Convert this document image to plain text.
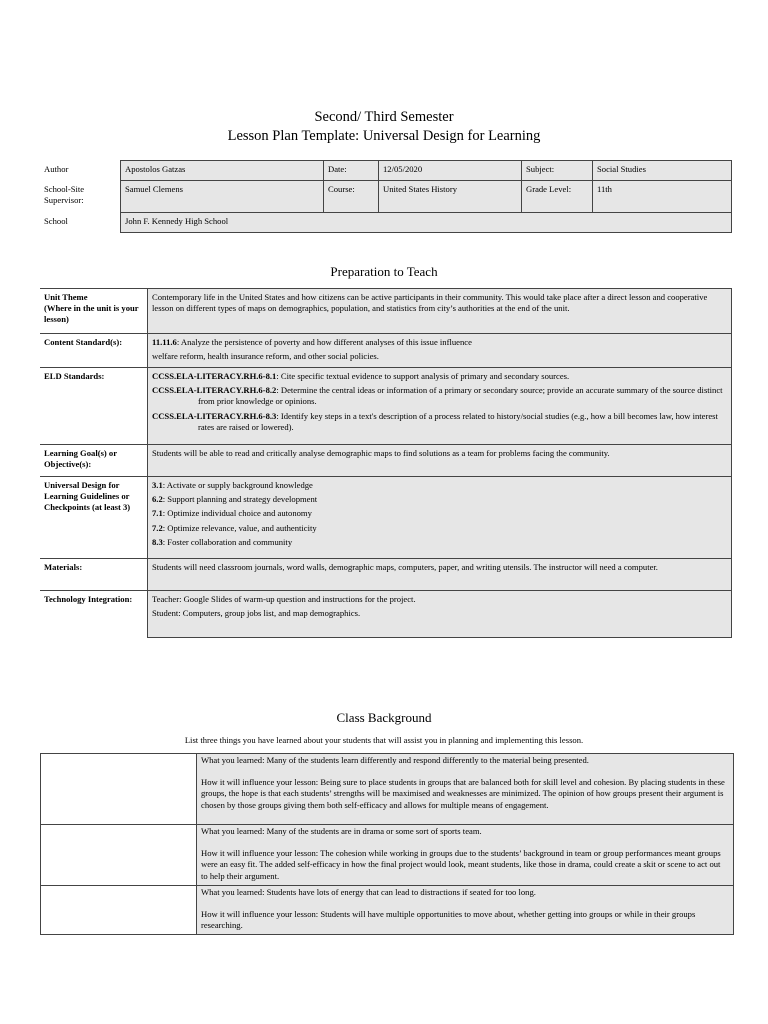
Second/ Third Semester
Lesson Plan Template: Universal Design for Learning
Author	Apostolos Gatzas	Date:	12/05/2020	Subject:	Social Studies
School-Site Supervisor:	Samuel Clemens	Course:	United States History	Grade Level:	11th
School	John F. Kennedy High School				
Preparation to Teach
Unit Theme
(Where in the unit is your lesson)	Contemporary life in the United States and how citizens can be active participants in their community. This would take place after a direct lesson and cooperative lesson on different types of maps on demographics, population, and statistics from city’s authorities at the end of the unit.
Content Standard(s):	11.11.6: Analyze the persistence of poverty and how different analyses of this issue influence
welfare reform, health insurance reform, and other social policies.

ELD Standards:	CCSS.ELA-LITERACY.RH.6-8.1: Cite specific textual evidence to support analysis of primary and secondary sources.
CCSS.ELA-LITERACY.RH.6-8.2: Determine the central ideas or information of a primary or secondary source; provide an accurate summary of the source distinct from prior knowledge or opinions.
CCSS.ELA-LITERACY.RH.6-8.3: Identify key steps in a text's description of a process related to history/social studies (e.g., how a bill becomes law, how interest rates are raised or lowered).

Learning Goal(s) or Objective(s):	Students will be able to read and critically analyse demographic maps to find solutions as a team for problems facing the community.
Universal Design for Learning Guidelines or Checkpoints (at least 3)	3.1: Activate or supply background knowledge
6.2: Support planning and strategy development
7.1: Optimize individual choice and autonomy
7.2: Optimize relevance, value, and authenticity
8.3: Foster collaboration and community

Materials:	Students will need classroom journals, word walls, demographic maps, computers, paper, and writing utensils. The instructor will need a computer.
Technology Integration:	Teacher: Google Slides of warm-up question and instructions for the project.
Student: Computers, group jobs list, and map demographics.
Class Background
List three things you have learned about your students that will assist you in planning and implementing this lesson.

	What you learned: Many of the students learn differently and respond differently to the material being presented.
How it will influence your lesson: Being sure to place students in groups that are balanced both for skill level and cohesion. By placing students in these groups, the hope is that each students’ strengths will be maximised and weaknesses are minimized. The opinion of how groups present their argument is chosen by those groups giving them both self-efficacy and allows for multiple means of engagement.

	What you learned: Many of the students are in drama or some sort of sports team.
How it will influence your lesson: The cohesion while working in groups due to the students’ background in team or group performances meant groups were an easy fit. The added self-efficacy in how the final project would look, meant students, like those in drama, could create a skit or scene to act out to help their argument.

	What you learned: Students have lots of energy that can lead to distractions if seated for too long.
How it will influence your lesson: Students will have multiple opportunities to move about, whether getting into groups or while in their groups researching.
